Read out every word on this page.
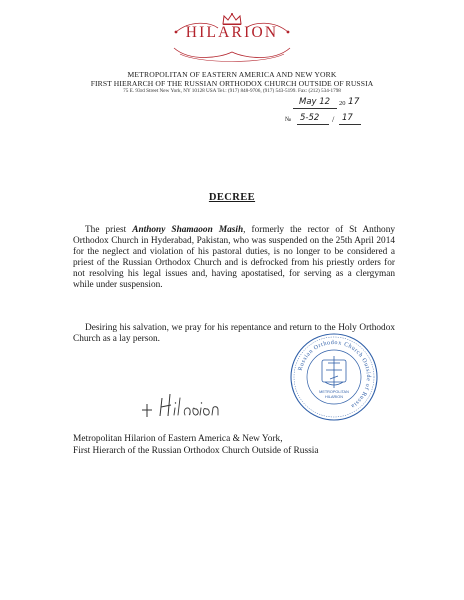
HILARION
METROPOLITAN OF EASTERN AMERICA AND NEW YORK
FIRST HIERARCH OF THE RUSSIAN ORTHODOX CHURCH OUTSIDE OF RUSSIA
75 E. 93rd Street New York, NY 10128 USA Tel.: (917) 848-9706, (917) 543-5199. Fax: (212) 534-1798
May 12 20 17
№ 5-52 / 17
DECREE

The priest Anthony Shamaoon Masih, formerly the rector of St Anthony Orthodox Church in Hyderabad, Pakistan, who was suspended on the 25th April 2014 for the neglect and violation of his pastoral duties, is no longer to be considered a priest of the Russian Orthodox Church and is defrocked from his priestly orders for not resolving his legal issues and, having apostatised, for serving as a clergyman while under suspension.

Desiring his salvation, we pray for his repentance and return to the Holy Orthodox Church as a lay person.

Russian Orthodox Church Outside of Russia
METROPOLITAN
HILARION
Metropolitan Hilarion of Eastern America & New York,
First Hierarch of the Russian Orthodox Church Outside of Russia
